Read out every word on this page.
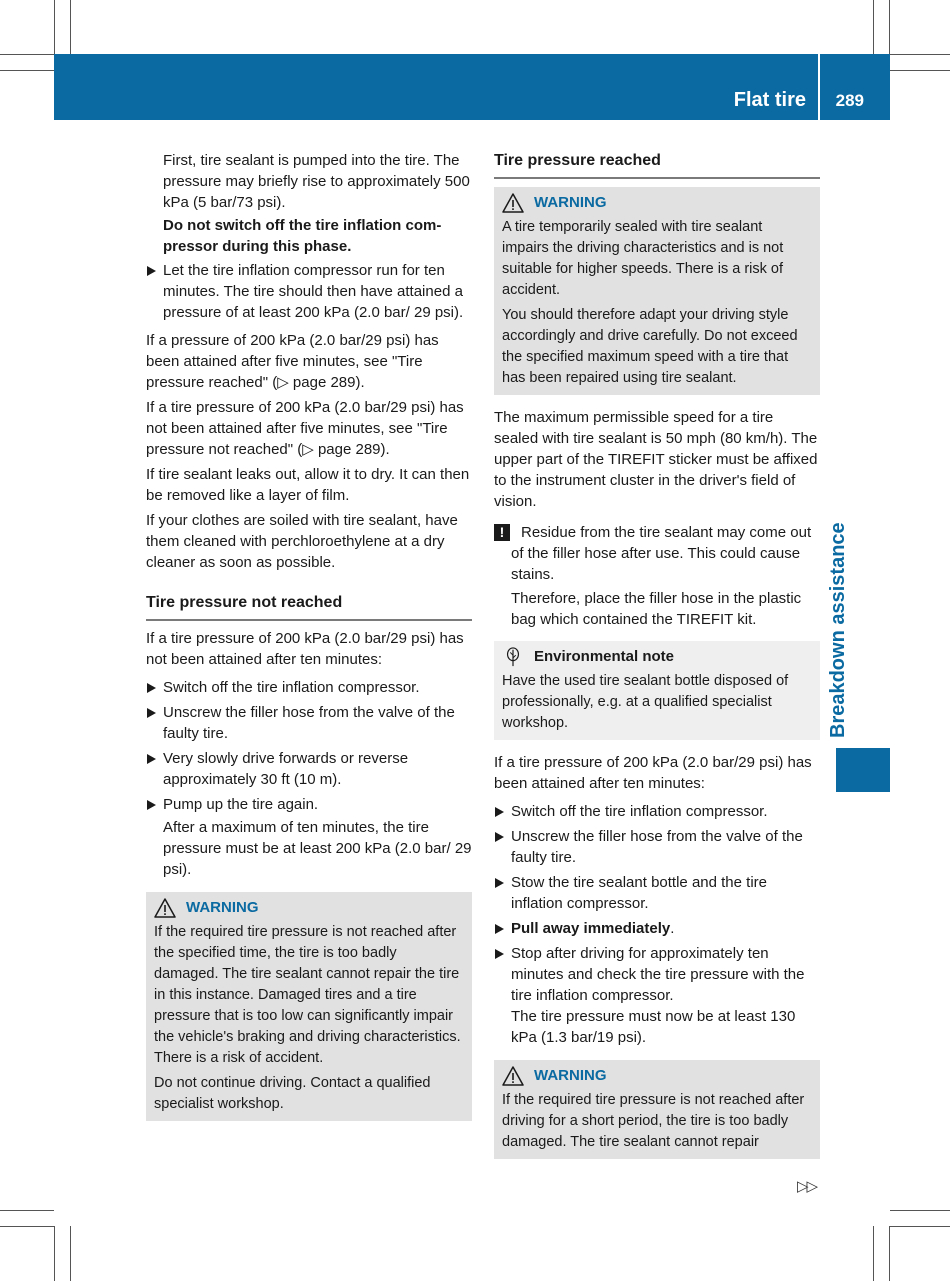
Flat tire 289
Breakdown assistance

First, tire sealant is pumped into the tire. The pressure may briefly rise to approximately 500 kPa (5 bar/73 psi).

Do not switch off the tire inflation compressor during this phase.

Let the tire inflation compressor run for ten minutes. The tire should then have attained a pressure of at least 200 kPa (2.0 bar/ 29 psi).

If a pressure of 200 kPa (2.0 bar/29 psi) has been attained after five minutes, see "Tire pressure reached" (▷ page 289).

If a tire pressure of 200 kPa (2.0 bar/29 psi) has not been attained after five minutes, see "Tire pressure not reached" (▷ page 289).

If tire sealant leaks out, allow it to dry. It can then be removed like a layer of film.

If your clothes are soiled with tire sealant, have them cleaned with perchloroethylene at a dry cleaner as soon as possible.

Tire pressure not reached

If a tire pressure of 200 kPa (2.0 bar/29 psi) has not been attained after ten minutes:

Switch off the tire inflation compressor.
Unscrew the filler hose from the valve of the faulty tire.
Very slowly drive forwards or reverse approximately 30 ft (10 m).
Pump up the tire again.

After a maximum of ten minutes, the tire pressure must be at least 200 kPa (2.0 bar/ 29 psi).

WARNING

If the required tire pressure is not reached after the specified time, the tire is too badly damaged. The tire sealant cannot repair the tire in this instance. Damaged tires and a tire pressure that is too low can significantly impair the vehicle's braking and driving characteristics. There is a risk of accident.

Do not continue driving. Contact a qualified specialist workshop.

Tire pressure reached
WARNING

A tire temporarily sealed with tire sealant impairs the driving characteristics and is not suitable for higher speeds. There is a risk of accident.

You should therefore adapt your driving style accordingly and drive carefully. Do not exceed the specified maximum speed with a tire that has been repaired using tire sealant.

The maximum permissible speed for a tire sealed with tire sealant is 50 mph (80 km/h). The upper part of the TIREFIT sticker must be affixed to the instrument cluster in the driver's field of vision.

!	Residue from the tire sealant may come out of the filler hose after use. This could cause stains.

Therefore, place the filler hose in the plastic bag which contained the TIREFIT kit.

Environmental note

Have the used tire sealant bottle disposed of professionally, e.g. at a qualified specialist workshop.

If a tire pressure of 200 kPa (2.0 bar/29 psi) has been attained after ten minutes:

Switch off the tire inflation compressor.
Unscrew the filler hose from the valve of the faulty tire.
Stow the tire sealant bottle and the tire inflation compressor.
Pull away immediately.
Stop after driving for approximately ten minutes and check the tire pressure with the tire inflation compressor.
The tire pressure must now be at least 130 kPa (1.3 bar/19 psi).
WARNING

If the required tire pressure is not reached after driving for a short period, the tire is too badly damaged. The tire sealant cannot repair

▷▷
